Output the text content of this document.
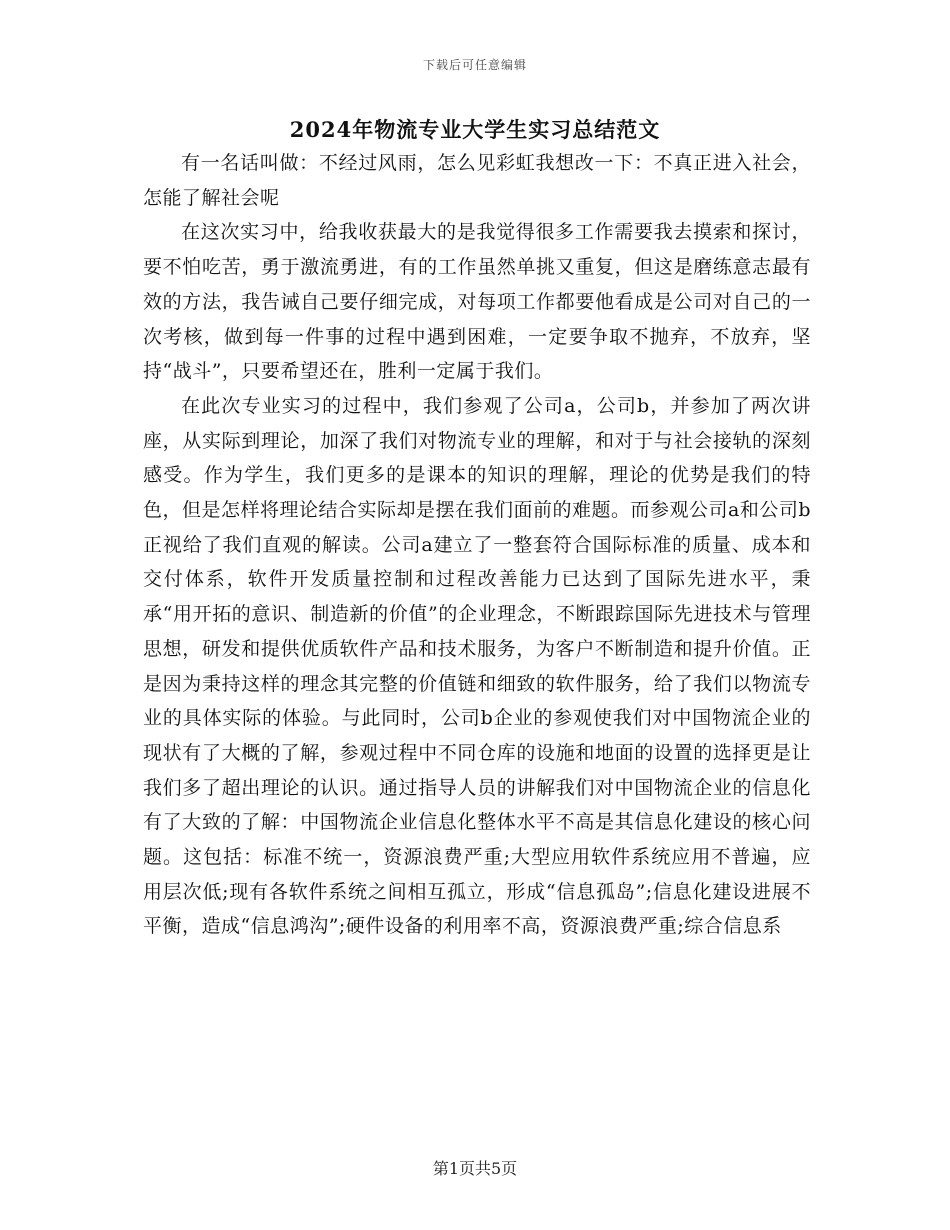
下载后可任意编辑
2024年物流专业大学生实习总结范文

有一名话叫做：不经过风雨，怎么见彩虹我想改一下：不真正进入社会，怎能了解社会呢

在这次实习中，给我收获最大的是我觉得很多工作需要我去摸索和探讨，要不怕吃苦，勇于激流勇进，有的工作虽然单挑又重复，但这是磨练意志最有效的方法，我告诫自己要仔细完成，对每项工作都要他看成是公司对自己的一次考核，做到每一件事的过程中遇到困难，一定要争取不抛弃，不放弃，坚持“战斗”，只要希望还在，胜利一定属于我们。

在此次专业实习的过程中，我们参观了公司a，公司b，并参加了两次讲座，从实际到理论，加深了我们对物流专业的理解，和对于与社会接轨的深刻感受。作为学生，我们更多的是课本的知识的理解，理论的优势是我们的特色，但是怎样将理论结合实际却是摆在我们面前的难题。而参观公司a和公司b正视给了我们直观的解读。公司a建立了一整套符合国际标准的质量、成本和交付体系，软件开发质量控制和过程改善能力已达到了国际先进水平，秉承“用开拓的意识、制造新的价值”的企业理念，不断跟踪国际先进技术与管理思想，研发和提供优质软件产品和技术服务，为客户不断制造和提升价值。正是因为秉持这样的理念其完整的价值链和细致的软件服务，给了我们以物流专业的具体实际的体验。与此同时，公司b企业的参观使我们对中国物流企业的现状有了大概的了解，参观过程中不同仓库的设施和地面的设置的选择更是让我们多了超出理论的认识。通过指导人员的讲解我们对中国物流企业的信息化有了大致的了解：中国物流企业信息化整体水平不高是其信息化建设的核心问题。这包括：标准不统一，资源浪费严重;大型应用软件系统应用不普遍，应用层次低;现有各软件系统之间相互孤立，形成“信息孤岛”;信息化建设进展不平衡，造成“信息鸿沟”;硬件设备的利用率不高，资源浪费严重;综合信息系

第1页共5页
